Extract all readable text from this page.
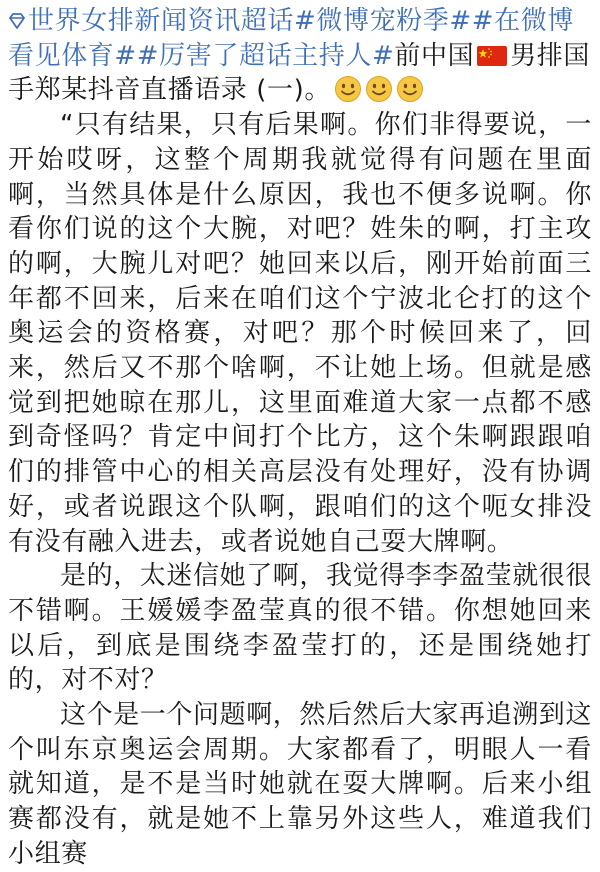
世界女排新闻资讯超话#微博宠粉季##在微博看见体育##厉害了超话主持人#前中国 男排国手郑某抖音直播语录 (一)。

“只有结果，只有后果啊。你们非得要说，一开始哎呀，这整个周期我就觉得有问题在里面啊，当然具体是什么原因，我也不便多说啊。你看你们说的这个大腕，对吧？姓朱的啊，打主攻的啊，大腕儿对吧？她回来以后，刚开始前面三年都不回来，后来在咱们这个宁波北仑打的这个奥运会的资格赛，对吧？那个时候回来了，回来，然后又不那个啥啊，不让她上场。但就是感觉到把她晾在那儿，这里面难道大家一点都不感到奇怪吗？肯定中间打个比方，这个朱啊跟跟咱们的排管中心的相关高层没有处理好，没有协调好，或者说跟这个队啊，跟咱们的这个呃女排没有没有融入进去，或者说她自己耍大牌啊。

是的，太迷信她了啊，我觉得李李盈莹就很很不错啊。王媛媛李盈莹真的很不错。你想她回来以后，到底是围绕李盈莹打的，还是围绕她打的，对不对？

这个是一个问题啊，然后然后大家再追溯到这个叫东京奥运会周期。大家都看了，明眼人一看就知道，是不是当时她就在耍大牌啊。后来小组赛都没有，就是她不上靠另外这些人，难道我们小组赛
